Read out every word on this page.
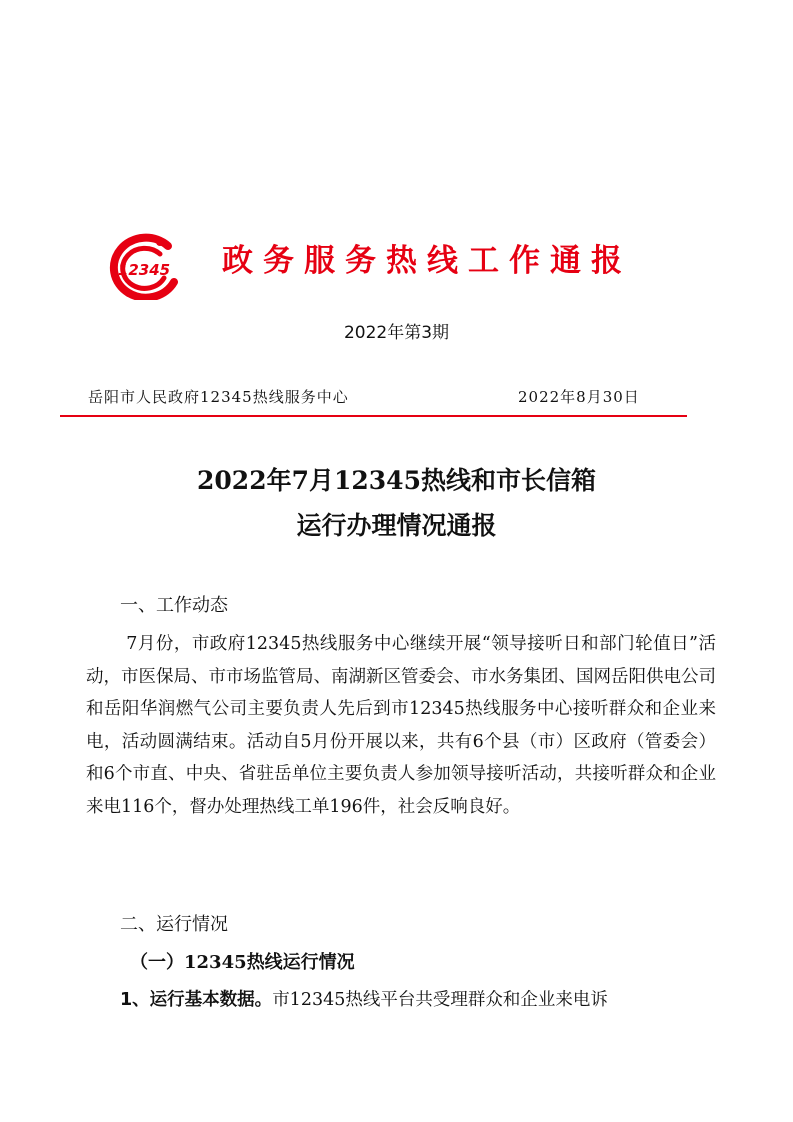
12345 政务服务热线工作通报
2022年第3期
岳阳市人民政府12345热线服务中心	2022年8月30日
2022年7月12345热线和市长信箱
运行办理情况通报
一、工作动态
7月份，市政府12345热线服务中心继续开展“领导接听日和部门轮值日”活动，市医保局、市市场监管局、南湖新区管委会、市水务集团、国网岳阳供电公司和岳阳华润燃气公司主要负责人先后到市12345热线服务中心接听群众和企业来电，活动圆满结束。活动自5月份开展以来，共有6个县（市）区政府（管委会）和6个市直、中央、省驻岳单位主要负责人参加领导接听活动，共接听群众和企业来电116个，督办处理热线工单196件，社会反响良好。
二、运行情况
（一）12345热线运行情况
1、运行基本数据。市12345热线平台共受理群众和企业来电诉
